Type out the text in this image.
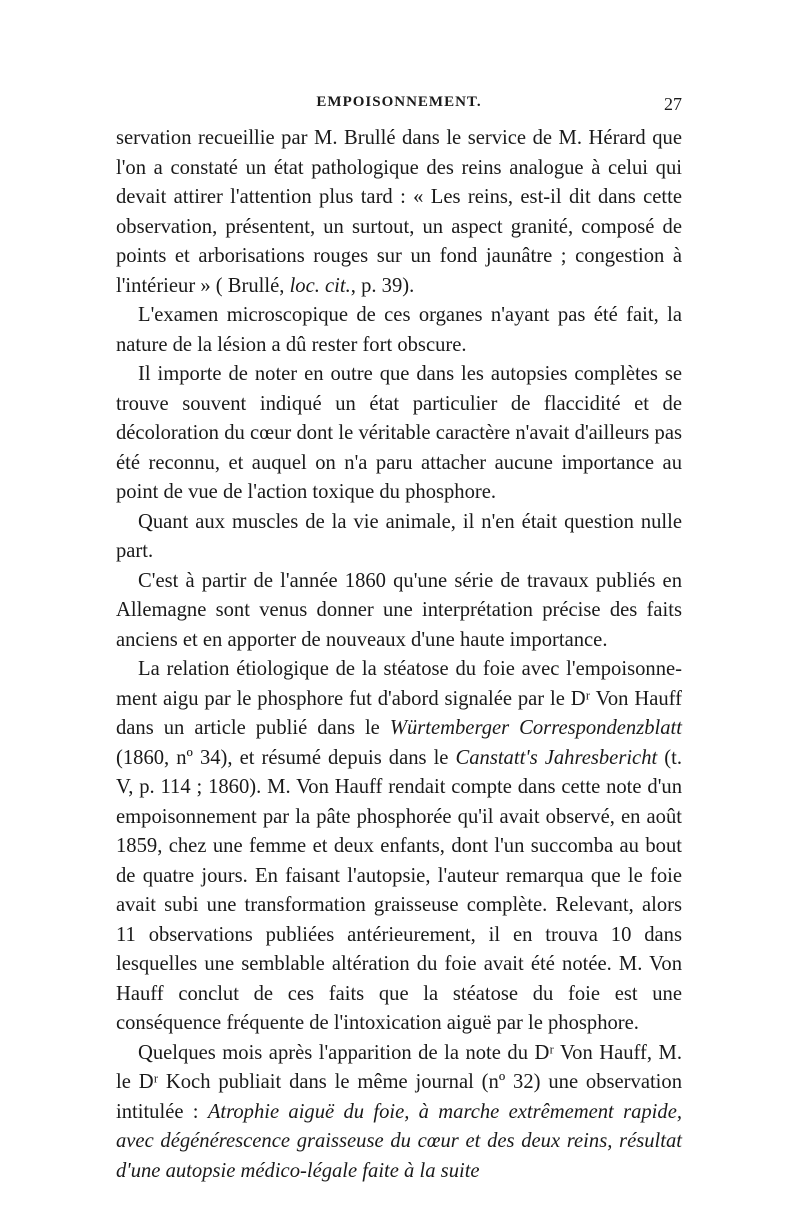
EMPOISONNEMENT.	27

servation recueillie par M. Brullé dans le service de M. Hérard que l'on a constaté un état pathologique des reins analogue à celui qui devait attirer l'attention plus tard : « Les reins, est-il dit dans cette observation, présentent, un surtout, un aspect granité, composé de points et arborisations rouges sur un fond jaunâtre ; congestion à l'intérieur » ( Brullé, loc. cit., p. 39).

L'examen microscopique de ces organes n'ayant pas été fait, la nature de la lésion a dû rester fort obscure.

Il importe de noter en outre que dans les autopsies complètes se trouve souvent indiqué un état particulier de flaccidité et de décoloration du cœur dont le véritable caractère n'avait d'ailleurs pas été reconnu, et auquel on n'a paru attacher aucune importance au point de vue de l'action toxique du phosphore.

Quant aux muscles de la vie animale, il n'en était question nulle part.

C'est à partir de l'année 1860 qu'une série de travaux publiés en Allemagne sont venus donner une interprétation précise des faits anciens et en apporter de nouveaux d'une haute importance.

La relation étiologique de la stéatose du foie avec l'empoisonnement aigu par le phosphore fut d'abord signalée par le Dʳ Von Hauff dans un article publié dans le Würtemberger Correspondenzblatt (1860, nº 34), et résumé depuis dans le Canstatt's Jahresbericht (t. V, p. 114 ; 1860). M. Von Hauff rendait compte dans cette note d'un empoisonnement par la pâte phosphorée qu'il avait observé, en août 1859, chez une femme et deux enfants, dont l'un succomba au bout de quatre jours. En faisant l'autopsie, l'auteur remarqua que le foie avait subi une transformation graisseuse complète. Relevant, alors 11 observations publiées antérieurement, il en trouva 10 dans lesquelles une semblable altération du foie avait été notée. M. Von Hauff conclut de ces faits que la stéatose du foie est une conséquence fréquente de l'intoxication aiguë par le phosphore.

Quelques mois après l'apparition de la note du Dʳ Von Hauff, M. le Dʳ Koch publiait dans le même journal (nº 32) une observation intitulée : Atrophie aiguë du foie, à marche extrêmement rapide, avec dégénérescence graisseuse du cœur et des deux reins, résultat d'une autopsie médico-légale faite à la suite
